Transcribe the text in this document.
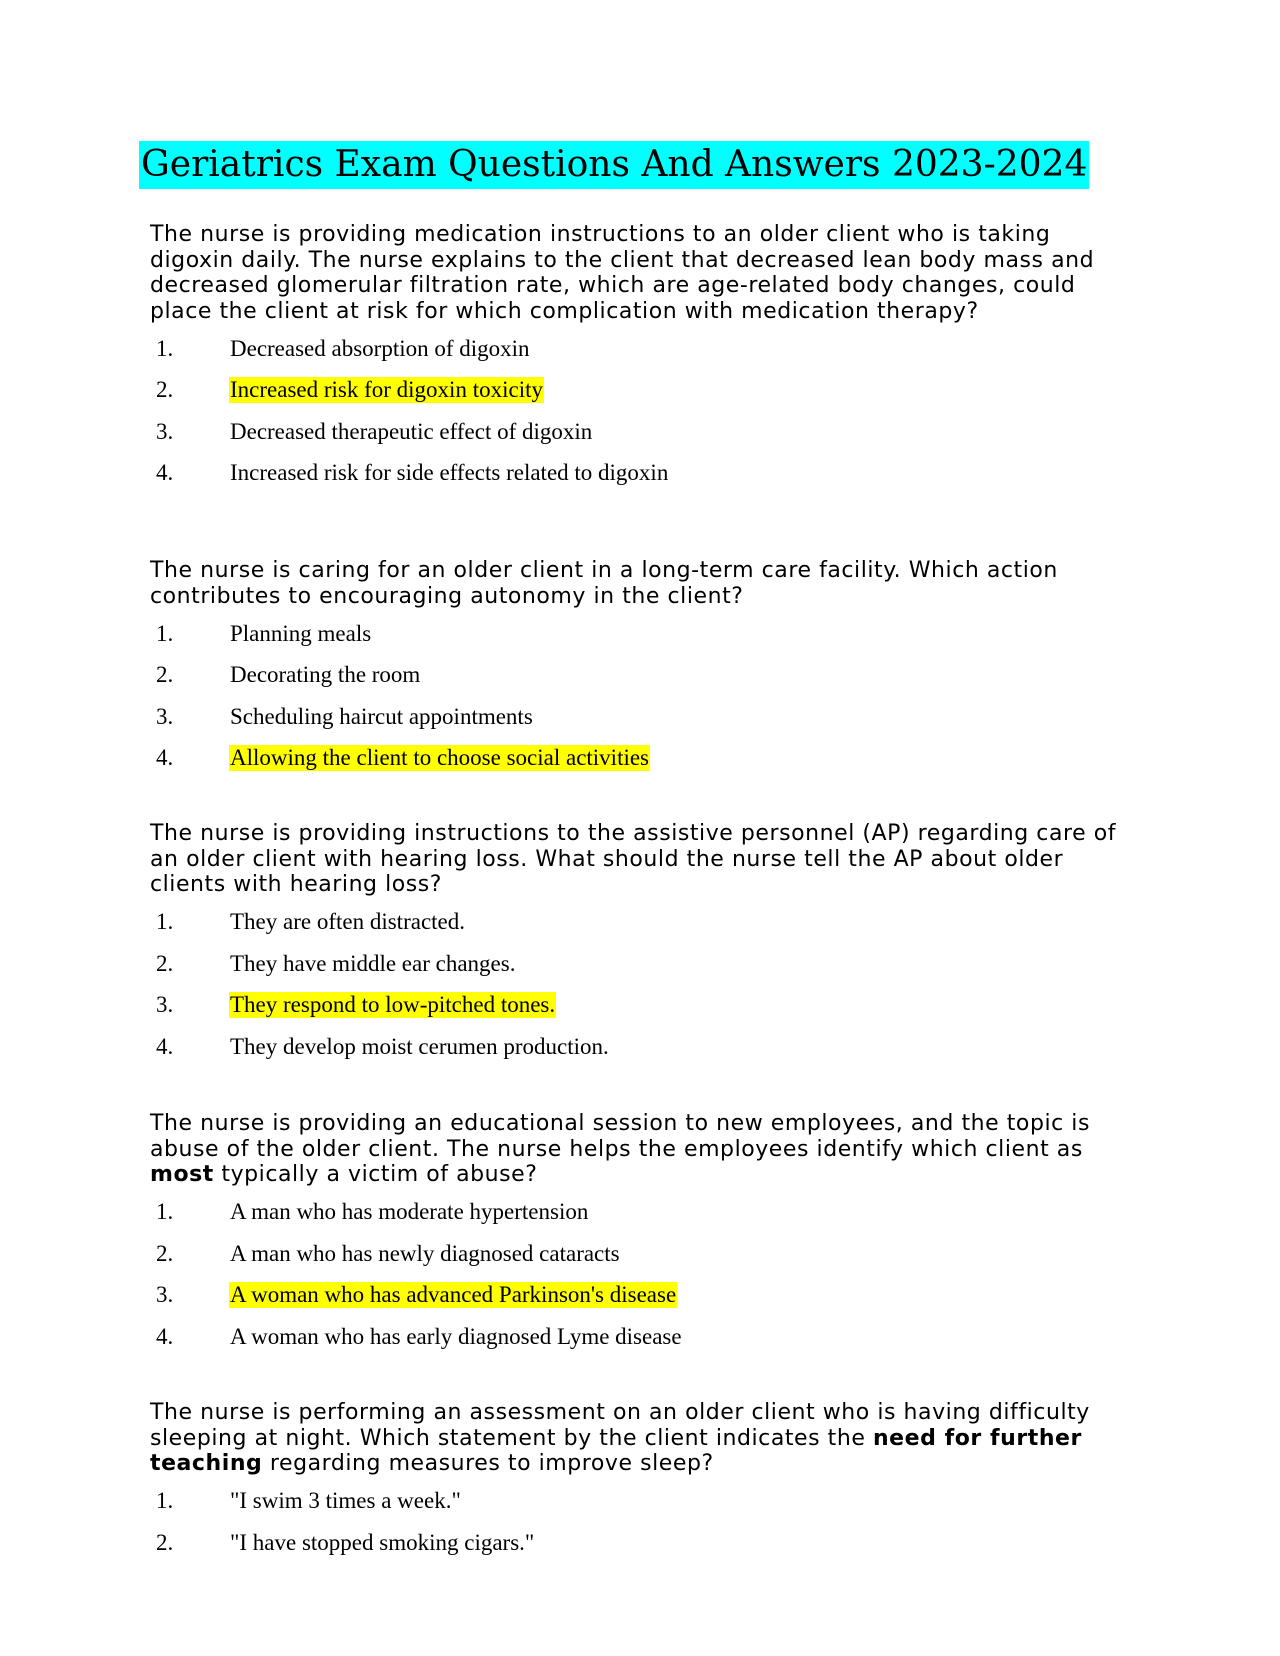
Geriatrics Exam Questions And Answers 2023-2024

The nurse is providing medication instructions to an older client who is taking digoxin daily. The nurse explains to the client that decreased lean body mass and decreased glomerular filtration rate, which are age-related body changes, could place the client at risk for which complication with medication therapy?

1.	Decreased absorption of digoxin
2.	Increased risk for digoxin toxicity
3.	Decreased therapeutic effect of digoxin
4.	Increased risk for side effects related to digoxin

The nurse is caring for an older client in a long-term care facility. Which action contributes to encouraging autonomy in the client?

1.	Planning meals
2.	Decorating the room
3.	Scheduling haircut appointments
4.	Allowing the client to choose social activities

The nurse is providing instructions to the assistive personnel (AP) regarding care of an older client with hearing loss. What should the nurse tell the AP about older clients with hearing loss?

1.	They are often distracted.
2.	They have middle ear changes.
3.	They respond to low-pitched tones.
4.	They develop moist cerumen production.

The nurse is providing an educational session to new employees, and the topic is abuse of the older client. The nurse helps the employees identify which client as most typically a victim of abuse?

1.	A man who has moderate hypertension
2.	A man who has newly diagnosed cataracts
3.	A woman who has advanced Parkinson's disease
4.	A woman who has early diagnosed Lyme disease

The nurse is performing an assessment on an older client who is having difficulty sleeping at night. Which statement by the client indicates the need for further teaching regarding measures to improve sleep?

1.	"I swim 3 times a week."
2.	"I have stopped smoking cigars."
